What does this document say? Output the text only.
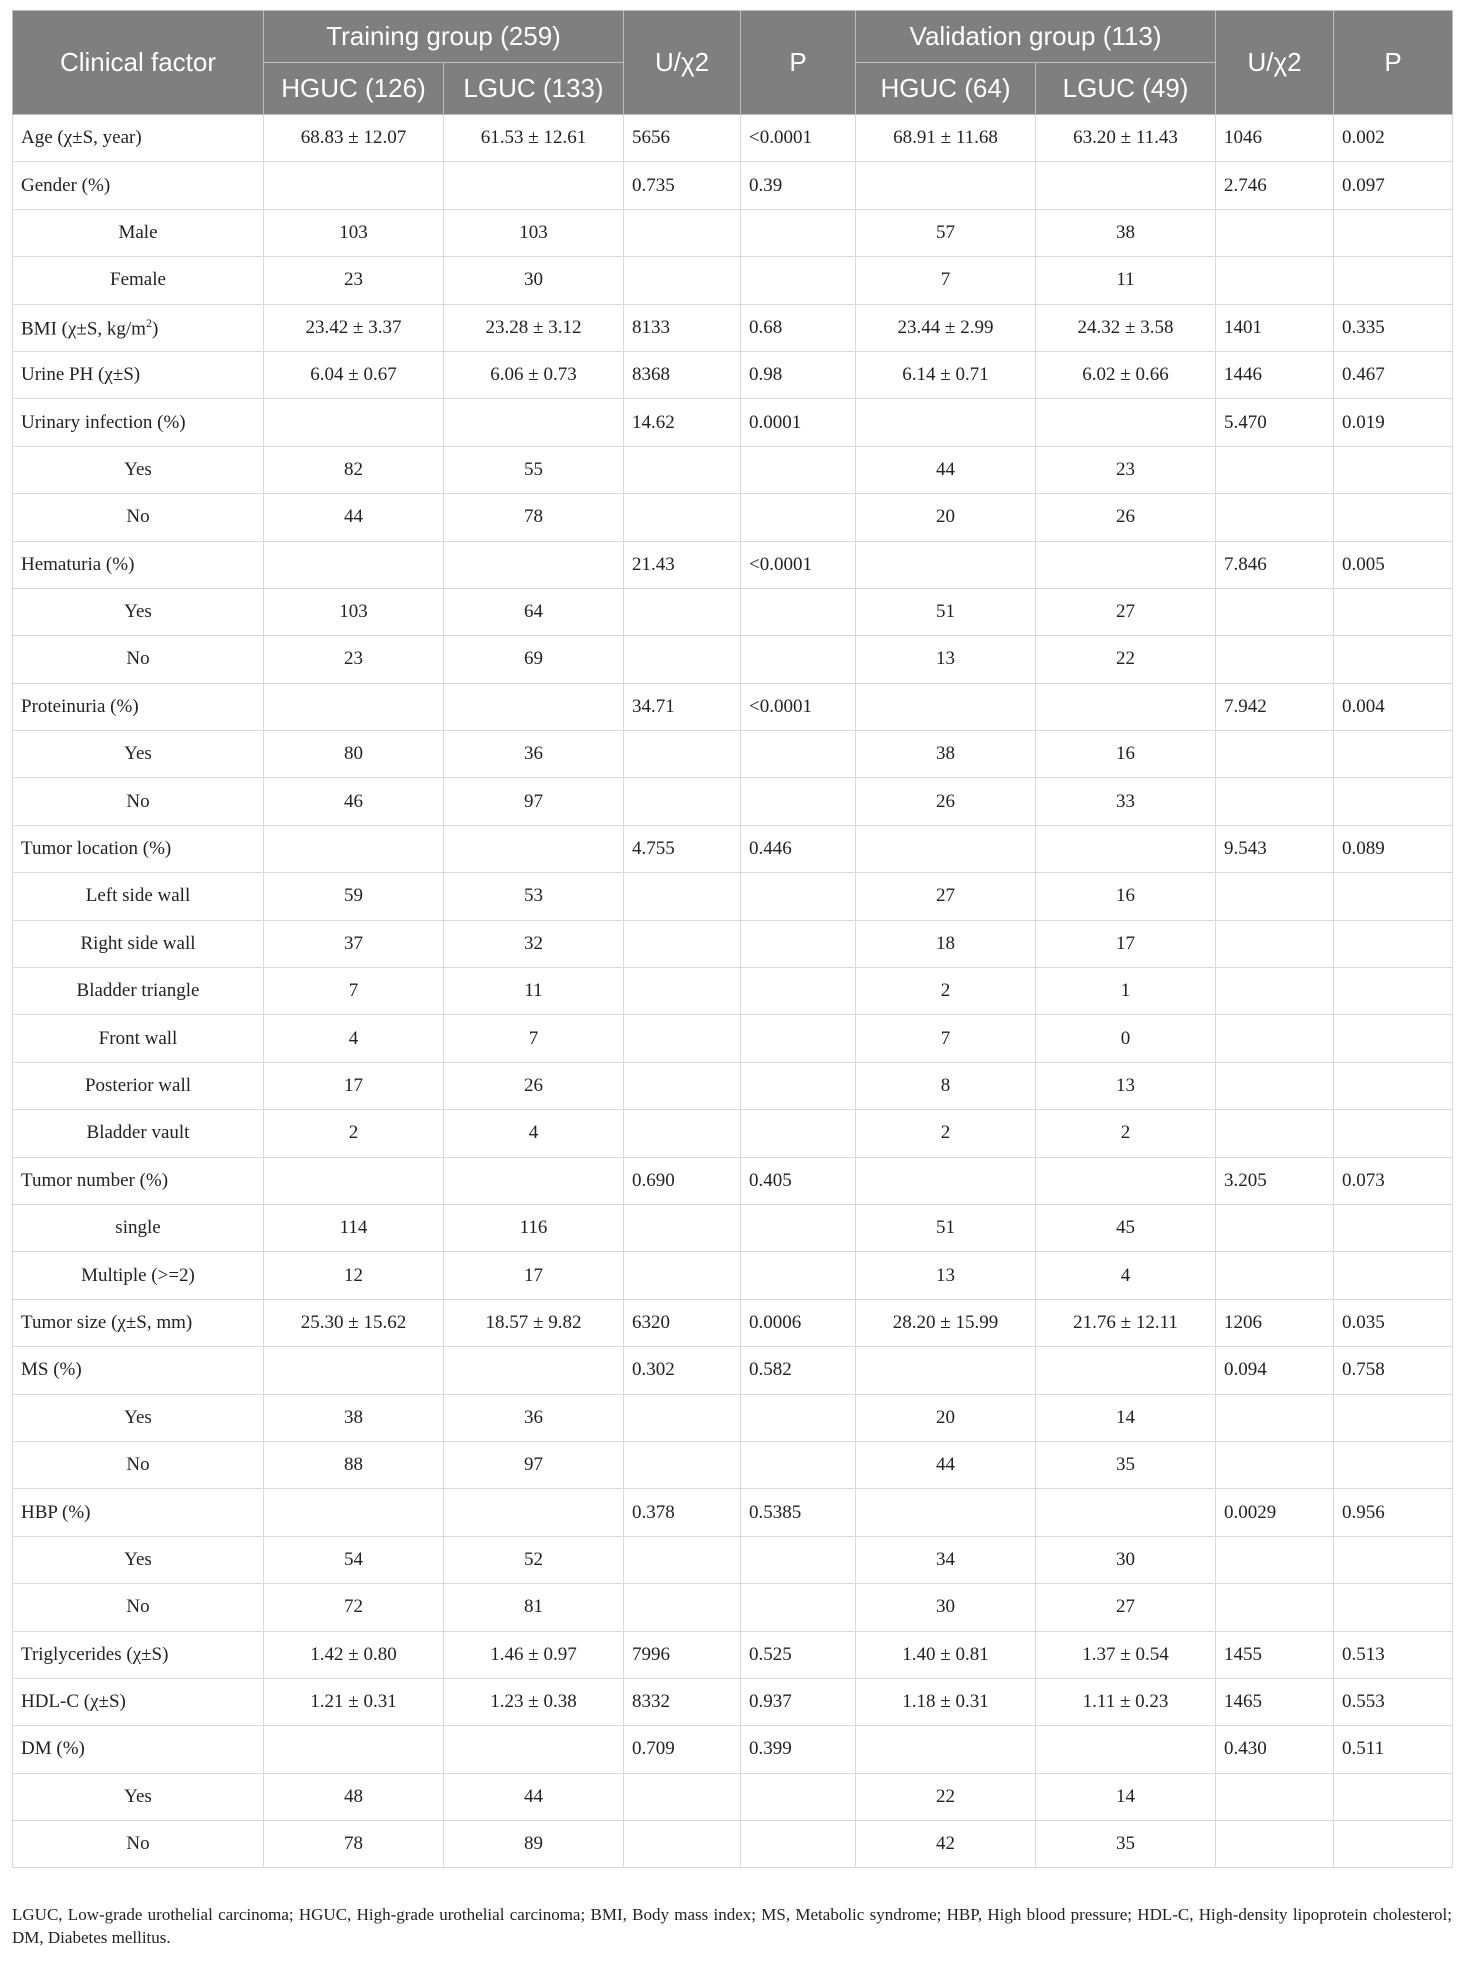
Clinical factor	Training group (259)		U/χ2	P	Validation group (113)		U/χ2	P
	HGUC (126)	LGUC (133)			HGUC (64)	LGUC (49)		
Age (χ±S, year)	68.83 ± 12.07	61.53 ± 12.61	5656	<0.0001	68.91 ± 11.68	63.20 ± 11.43	1046	0.002
Gender (%)			0.735	0.39			2.746	0.097
Male	103	103			57	38		
Female	23	30			7	11		
BMI (χ±S, $kg/m^2$)	23.42 ± 3.37	23.28 ± 3.12	8133	0.68	23.44 ± 2.99	24.32 ± 3.58	1401	0.335
Urine PH (χ±S)	6.04 ± 0.67	6.06 ± 0.73	8368	0.98	6.14 ± 0.71	6.02 ± 0.66	1446	0.467
Urinary infection (%)			14.62	0.0001			5.470	0.019
Yes	82	55			44	23		
No	44	78			20	26		
Hematuria (%)			21.43	<0.0001			7.846	0.005
Yes	103	64			51	27		
No	23	69			13	22		
Proteinuria (%)			34.71	<0.0001			7.942	0.004
Yes	80	36			38	16		
No	46	97			26	33		
Tumor location (%)			4.755	0.446			9.543	0.089
Left side wall	59	53			27	16		
Right side wall	37	32			18	17		
Bladder triangle	7	11			2	1		
Front wall	4	7			7	0		
Posterior wall	17	26			8	13		
Bladder vault	2	4			2	2		
Tumor number (%)			0.690	0.405			3.205	0.073
single	114	116			51	45		
Multiple (>=2)	12	17			13	4		
Tumor size (χ±S, mm)	25.30 ± 15.62	18.57 ± 9.82	6320	0.0006	28.20 ± 15.99	21.76 ± 12.11	1206	0.035
MS (%)			0.302	0.582			0.094	0.758
Yes	38	36			20	14		
No	88	97			44	35		
HBP (%)			0.378	0.5385			0.0029	0.956
Yes	54	52			34	30		
No	72	81			30	27		
Triglycerides (χ±S)	1.42 ± 0.80	1.46 ± 0.97	7996	0.525	1.40 ± 0.81	1.37 ± 0.54	1455	0.513
HDL-C (χ±S)	1.21 ± 0.31	1.23 ± 0.38	8332	0.937	1.18 ± 0.31	1.11 ± 0.23	1465	0.553
DM (%)			0.709	0.399			0.430	0.511
Yes	48	44			22	14		
No	78	89			42	35		
LGUC, Low-grade urothelial carcinoma; HGUC, High-grade urothelial carcinoma; BMI, Body mass index; MS, Metabolic syndrome; HBP, High blood pressure; HDL-C, High-density lipoprotein cholesterol; DM, Diabetes mellitus.
